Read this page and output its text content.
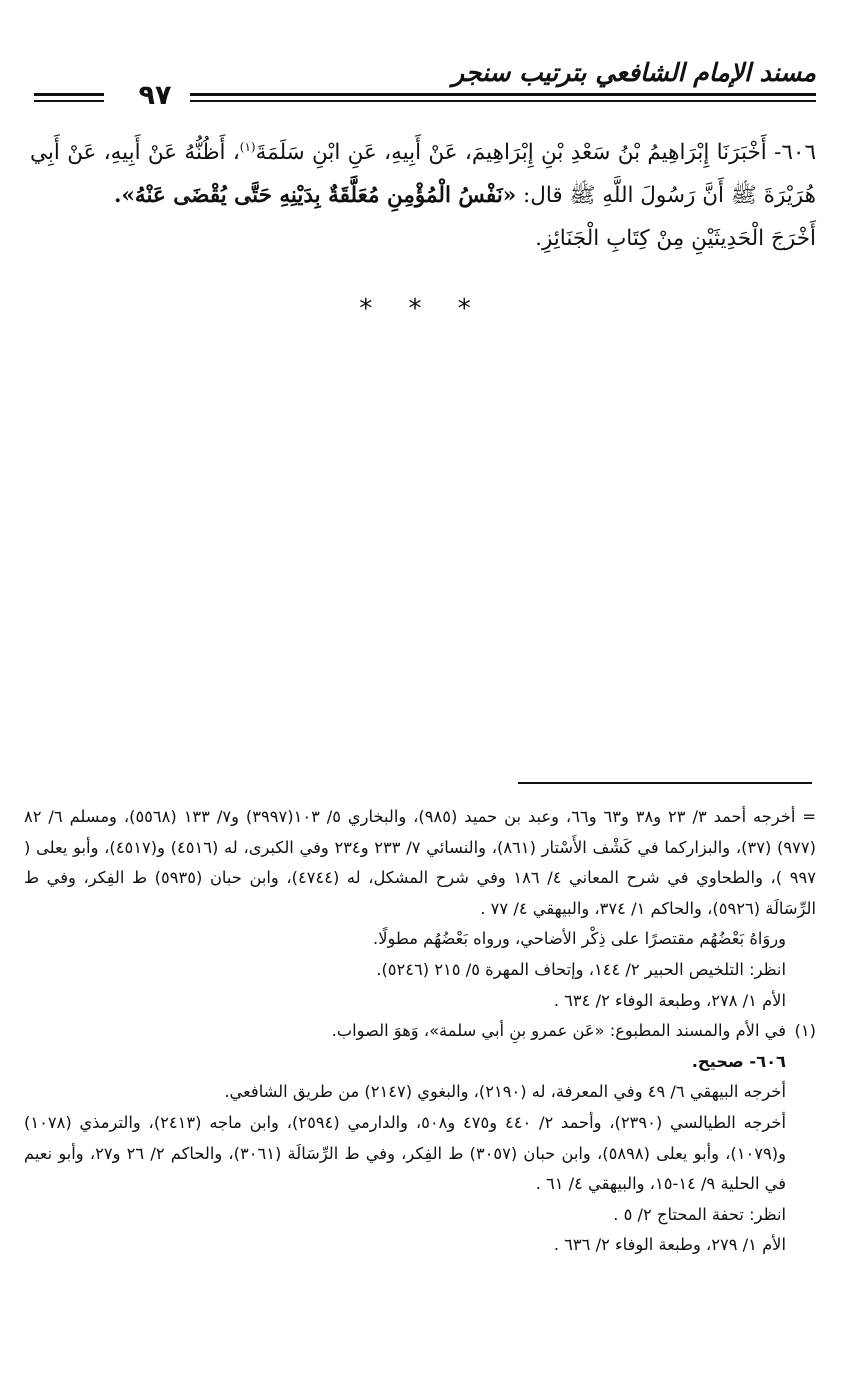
مسند الإمام الشافعي بترتيب سنجر
٩٧

٦٠٦- أَخْبَرَنَا إِبْرَاهِيمُ بْنُ سَعْدِ بْنِ إِبْرَاهِيمَ، عَنْ أَبِيهِ، عَنِ ابْنِ سَلَمَةَ$^{(١)}$، أَظُنُّهُ عَنْ أَبِيهِ، عَنْ أَبِي هُرَيْرَةَ ﷺ أَنَّ رَسُولَ اللَّهِ ﷺ قال: «نَفْسُ الْمُؤْمِنِ مُعَلَّقَةٌ بِدَيْنِهِ حَتَّى يُقْضَى عَنْهُ».

أَخْرَجَ الْحَدِيثَيْنِ مِنْ كِتَابِ الْجَنَائِزِ.

* * *

= أخرجه أحمد ٣/ ٢٣ و٣٨ و٦٣ و٦٦، وعبد بن حميد (٩٨٥)، والبخاري ٥/ ١٠٣(٣٩٩٧) و٧/ ١٣٣ (٥٥٦٨)، ومسلم ٦/ ٨٢ (٩٧٧) (٣٧)، والبزاركما في كَشْف الأَسْتار (٨٦١)، والنسائي ٧/ ٢٣٣ و٢٣٤ وفي الكبرى، له (٤٥١٦) و(٤٥١٧)، وأبو يعلى ( ٩٩٧ )، والطحاوي في شرح المعاني ٤/ ١٨٦ وفي شرح المشكل، له (٤٧٤٤)، وابن حبان (٥٩٣٥) ط الفِكر، وفي ط الرِّسَالَة (٥٩٢٦)، والحاكم ١/ ٣٧٤، والبيهقي ٤/ ٧٧ .

وروَاهُ بَعْضُهُم مقتصرًا على ذِكْر الأضاحي، ورواه بَعْضُهُم مطولًا.

انظر: التلخيص الحبير ٢/ ١٤٤، وإتحاف المهرة ٥/ ٢١٥ (٥٢٤٦).

الأم ١/ ٢٧٨، وطبعة الوفاء ٢/ ٦٣٤ .

(١)
في الأم والمسند المطبوع: «عَن عمرو بنِ أبي سلمة»، وَهوَ الصواب.

٦٠٦- صحيح.

أخرجه البيهقي ٦/ ٤٩ وفي المعرفة، له (٢١٩٠)، والبغوي (٢١٤٧) من طريق الشافعي.

أخرجه الطيالسي (٢٣٩٠)، وأحمد ٢/ ٤٤٠ و٤٧٥ و٥٠٨، والدارمي (٢٥٩٤)، وابن ماجه (٢٤١٣)، والترمذي (١٠٧٨) و(١٠٧٩)، وأبو يعلى (٥٨٩٨)، وابن حبان (٣٠٥٧) ط الفِكر، وفي ط الرِّسَالَة (٣٠٦١)، والحاكم ٢/ ٢٦ و٢٧، وأبو نعيم في الحلية ٩/ ١٤-١٥، والبيهقي ٤/ ٦١ .

انظر: تحفة المحتاج ٢/ ٥ .

الأم ١/ ٢٧٩، وطبعة الوفاء ٢/ ٦٣٦ .
